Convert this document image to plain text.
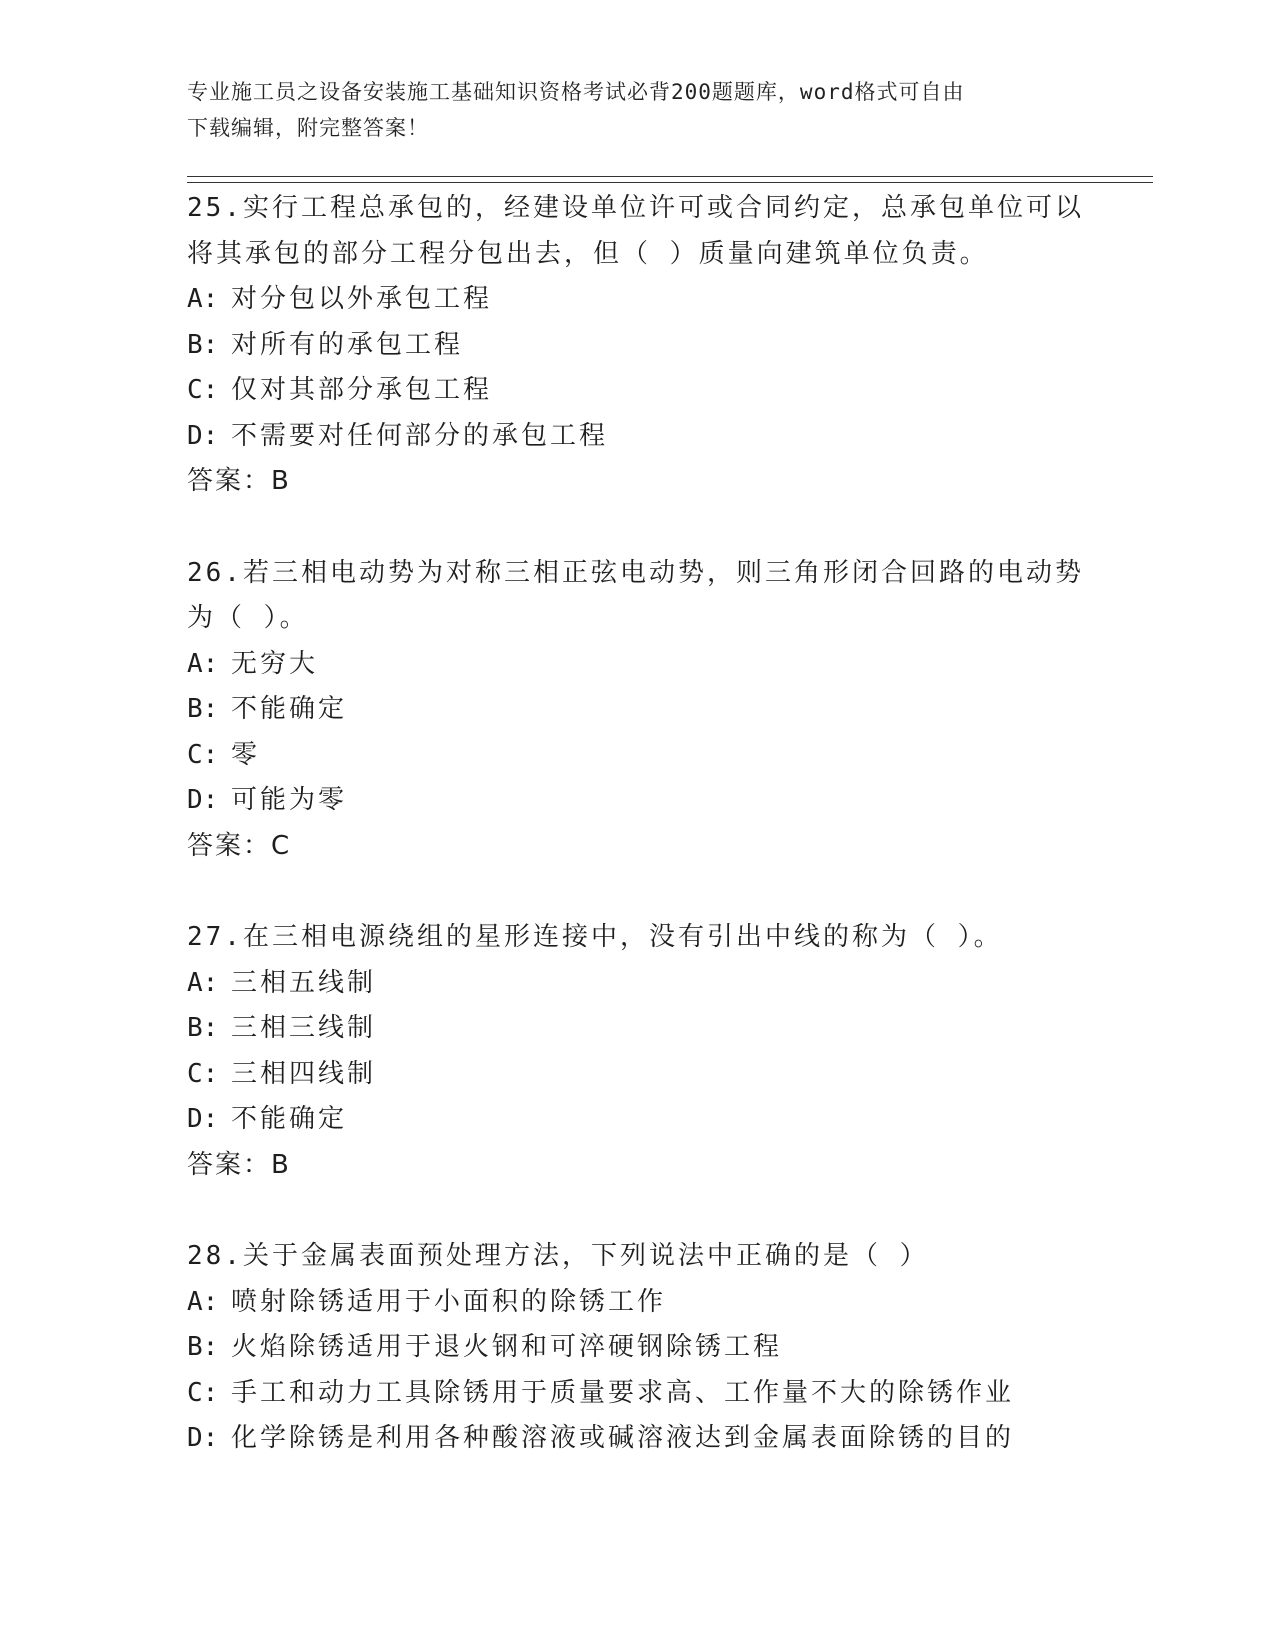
专业施工员之设备安装施工基础知识资格考试必背200题题库，word格式可自由
下载编辑，附完整答案！
25.实行工程总承包的，经建设单位许可或合同约定，总承包单位可以
将其承包的部分工程分包出去，但（ ）质量向建筑单位负责。
A: 对分包以外承包工程
B: 对所有的承包工程
C: 仅对其部分承包工程
D: 不需要对任何部分的承包工程
答案：B
26.若三相电动势为对称三相正弦电动势，则三角形闭合回路的电动势
为（ ）。
A: 无穷大
B: 不能确定
C: 零
D: 可能为零
答案：C
27.在三相电源绕组的星形连接中，没有引出中线的称为（ ）。
A: 三相五线制
B: 三相三线制
C: 三相四线制
D: 不能确定
答案：B
28.关于金属表面预处理方法，下列说法中正确的是（ ）
A: 喷射除锈适用于小面积的除锈工作
B: 火焰除锈适用于退火钢和可淬硬钢除锈工程
C: 手工和动力工具除锈用于质量要求高、工作量不大的除锈作业
D: 化学除锈是利用各种酸溶液或碱溶液达到金属表面除锈的目的
